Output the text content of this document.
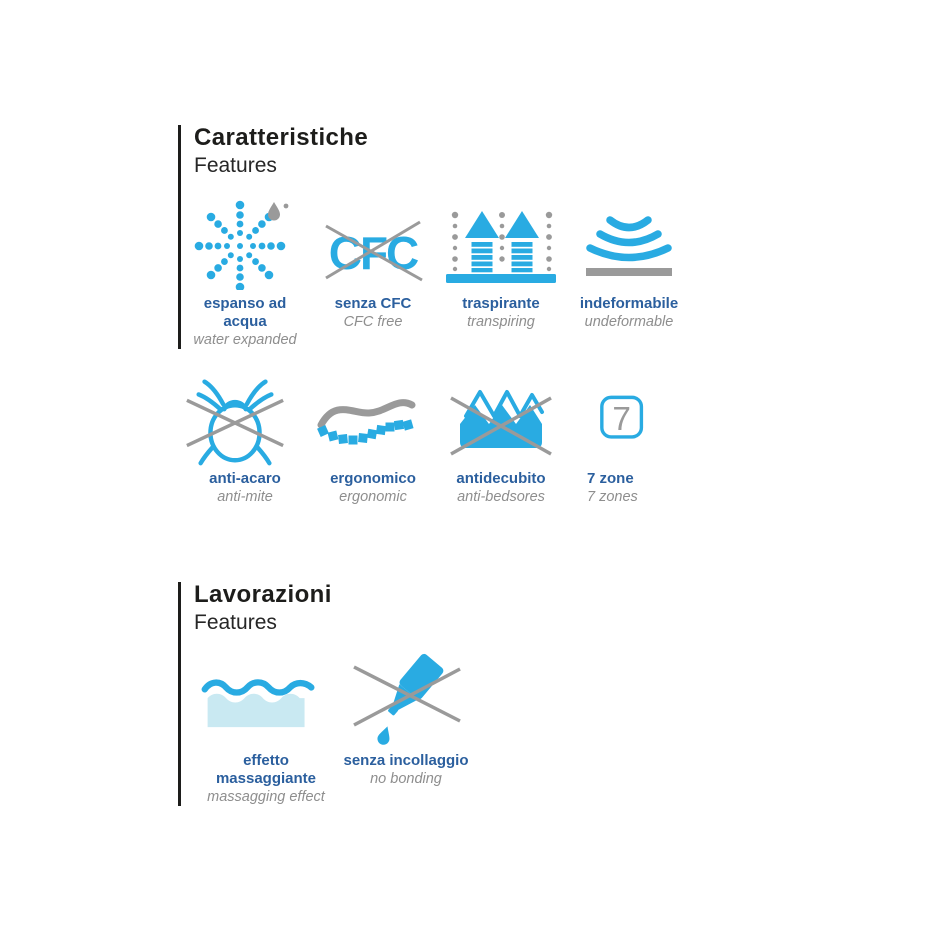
Caratteristiche
Features
espanso ad acqua
water expanded
CFC
senza CFC
CFC free
traspirante
transpiring
indeformabile
undeformable
anti-acaro
anti-mite
ergonomico
ergonomic
antidecubito
anti-bedsores
7
7 zone
7 zones
Lavorazioni
Features
effetto massaggiante
massagging effect
senza incollaggio
no bonding
